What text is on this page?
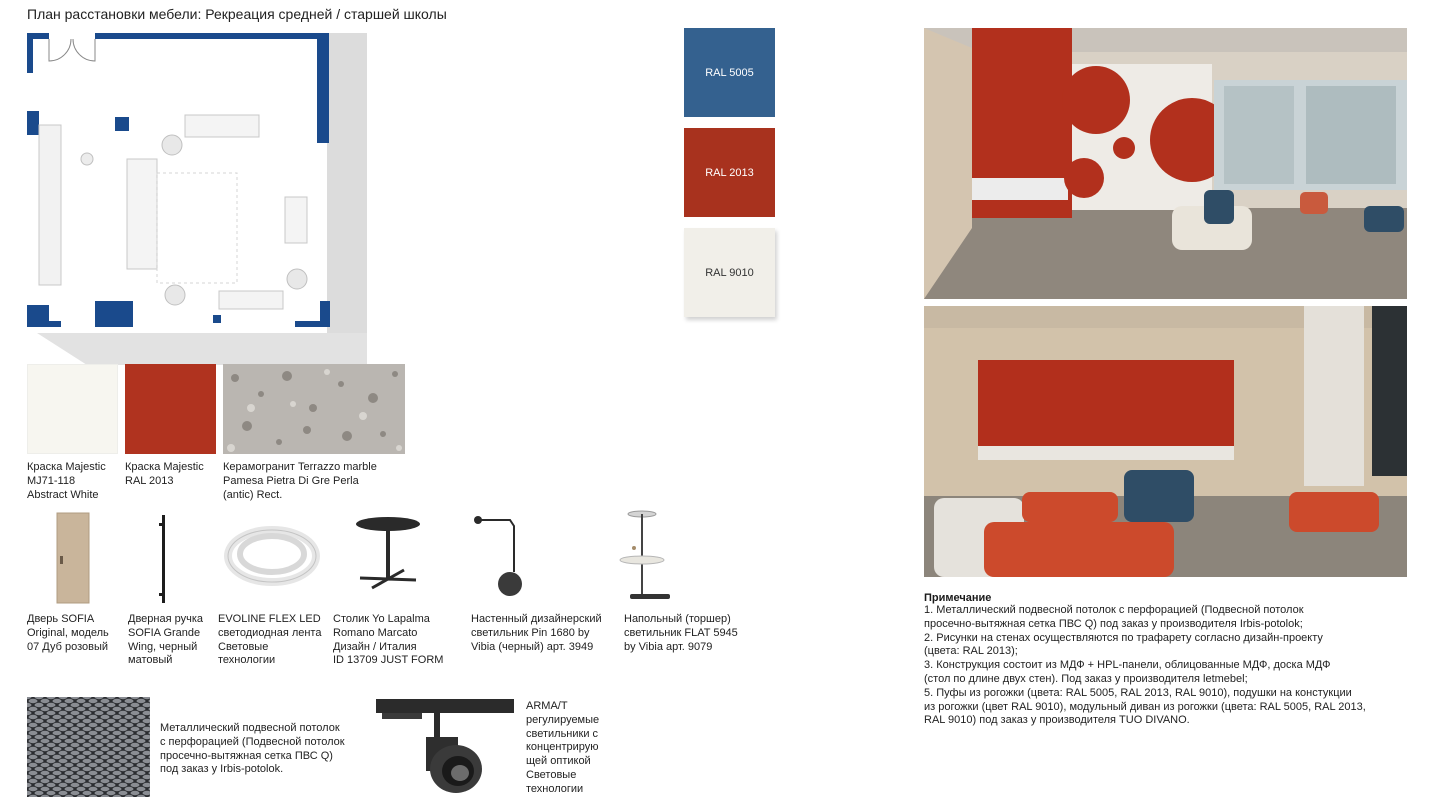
План расстановки мебели: Рекреация средней / старшей школы
RAL 5005
RAL 2013
RAL 9010
Краска Majestic
MJ71-118
Abstract White
Краска Majestic
RAL 2013
Керамогранит Terrazzo marble
Pamesa Pietra Di Gre Perla
(antic) Rect.
Дверь SOFIA
Original, модель
07 Дуб розовый
Дверная ручка
SOFIA Grande
Wing, черный
матовый
EVOLINE FLEX LED
светодиодная лента
Световые
технологии
Столик Yo Lapalma
Romano Marcato
Дизайн / Италия
ID 13709 JUST FORM
Настенный дизайнерский
светильник Pin 1680 by
Vibia (черный) арт. 3949
Напольный (торшер)
светильник FLAT 5945
by Vibia арт. 9079
Металлический подвесной потолок
с перфорацией (Подвесной потолок
просечно-вытяжная сетка ПВС Q)
под заказ у Irbis-potolok.
ARMA/T
регулируемые
светильники с
концентрирую
щей оптикой
Световые
технологии
Примечание
1. Металлический подвесной потолок с перфорацией (Подвесной потолок
просечно-вытяжная сетка ПВС Q) под заказ у производителя Irbis-potolok;
2. Рисунки на стенах осуществляются по трафарету согласно дизайн-проекту
(цвета: RAL 2013);
3. Конструкция состоит из МДФ + HPL-панели, облицованные МДФ, доска МДФ
(стол по длине двух стен). Под заказ у производителя letmebel;
5. Пуфы из рогожки (цвета: RAL 5005, RAL 2013, RAL 9010), подушки на констукции
из рогожки (цвет RAL 9010), модульный диван из рогожки (цвета: RAL 5005, RAL 2013,
RAL 9010) под заказ у производителя TUO DIVANO.
